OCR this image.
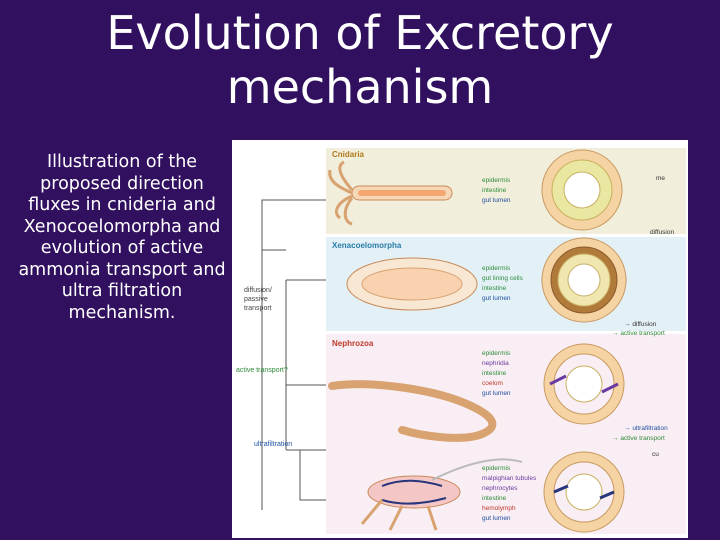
Evolution of Excretory
mechanism
Illustration of the proposed direction fluxes in cnideria and Xenocoelomorpha and evolution of active ammonia transport and ultra filtration mechanism.
diffusion/ passive transport
active transport?
ultrafiltration
Cnidaria
epidermis
intestine
gut lumen
me
diffusion
Xenacoelomorpha
epidermis
gut lining cells
intestine
gut lumen
→ diffusion
→ active transport
Nephrozoa
epidermis
nephridia
intestine
coelom
gut lumen
→ ultrafiltration
→ active transport
epidermis
malpighian tubules
nephrocytes
intestine
hemolymph
gut lumen
cu
